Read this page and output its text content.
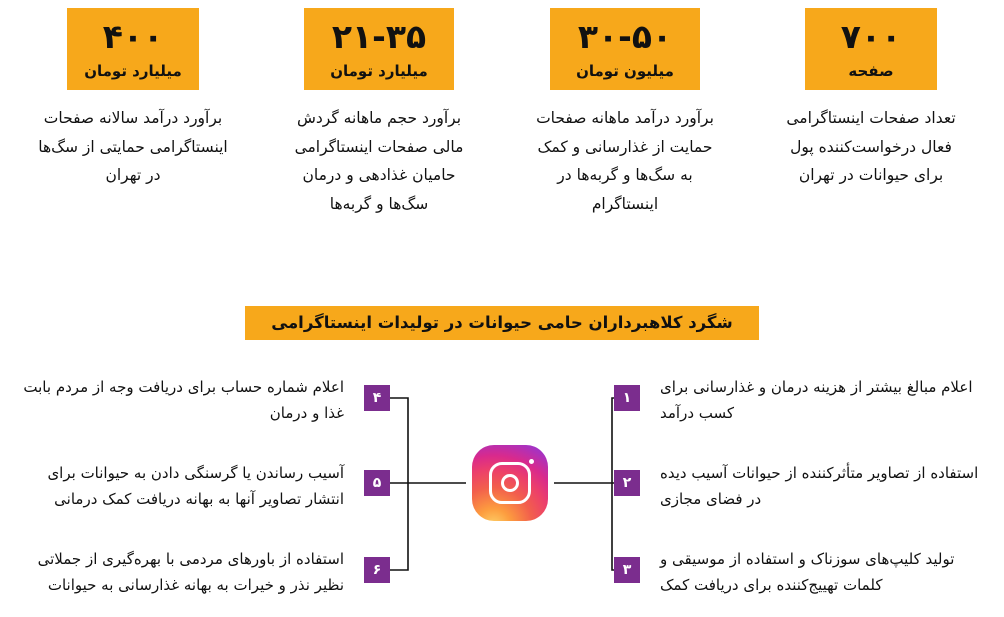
۴۰۰
میلیارد تومان
برآورد درآمد سالانه صفحات اینستاگرامی حمایتی از سگ‌ها در تهران
۲۱-۳۵
میلیارد تومان
برآورد حجم ماهانه گردش مالی صفحات اینستاگرامی حامیان غذادهی و درمان سگ‌ها و گربه‌ها
۳۰-۵۰
میلیون تومان
برآورد درآمد ماهانه صفحات حمایت از غذارسانی و کمک به سگ‌ها و گربه‌ها در اینستاگرام
۷۰۰
صفحه
تعداد صفحات اینستاگرامی فعال درخواست‌کننده پول برای حیوانات در تهران
شگرد کلاهبرداران حامی حیوانات در تولیدات اینستاگرامی
۱
۲
۳
۴
۵
۶
اعلام مبالغ بیشتر از هزینه درمان و غذارسانی برای کسب درآمد
استفاده از تصاویر متأثرکننده از حیوانات آسیب دیده در فضای مجازی
تولید کلیپ‌های سوزناک و استفاده از موسیقی و کلمات تهییج‌کننده برای دریافت کمک
اعلام شماره حساب برای دریافت وجه از مردم بابت غذا و درمان
آسیب رساندن یا گرسنگی دادن به حیوانات برای انتشار تصاویر آنها به بهانه دریافت کمک درمانی
استفاده از باورهای مردمی با بهره‌گیری از جملاتی نظیر نذر و خیرات به بهانه غذارسانی به حیوانات
